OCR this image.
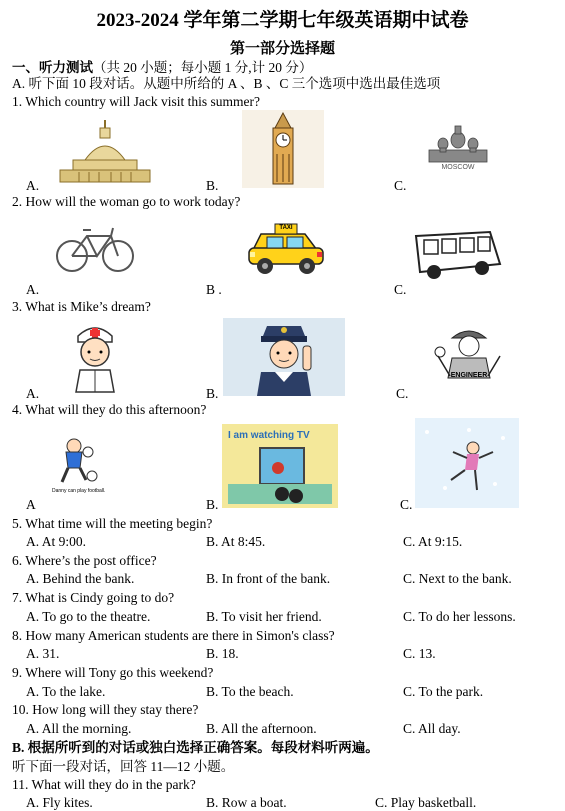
2023-2024 学年第二学期七年级英语期中试卷
第一部分选择题
一、听力测试（共 20 小题；每小题 1 分,计 20 分）
A. 听下面 10 段对话。从题中所给的 A 、B 、C 三个选项中选出最佳选项
1. Which country will Jack visit this summer?
MOSCOW
A.	B.	C.
2. How will the woman go to work today?
TAXI
A.	B .	C.
3. What is Mike’s dream?
ENGINEER
A.	B.	C.
4. What will they do this afternoon?
Danny can play football.
I am watching TV
A	B.	C.
5. What time will the meeting begin?
A. At 9:00.	B. At 8:45.	C. At 9:15.
6. Where’s the post office?
A. Behind the bank.	B. In front of the bank.	C. Next to the bank.
7. What is Cindy going to do?
A. To go to the theatre.	B. To visit her friend.	C. To do her lessons.
8. How many American students are there in Simon's class?
A. 31.	B. 18.	C. 13.
9. Where will Tony go this weekend?
A. To the lake.	B. To the beach.	C. To the park.
10. How long will they stay there?
A. All the morning.	B. All the afternoon.	C. All day.
B. 根据所听到的对话或独白选择正确答案。每段材料听两遍。
听下面一段对话，回答 11—12 小题。
11. What will they do in the park?
A. Fly kites.	B. Row a boat.	C. Play basketball.
